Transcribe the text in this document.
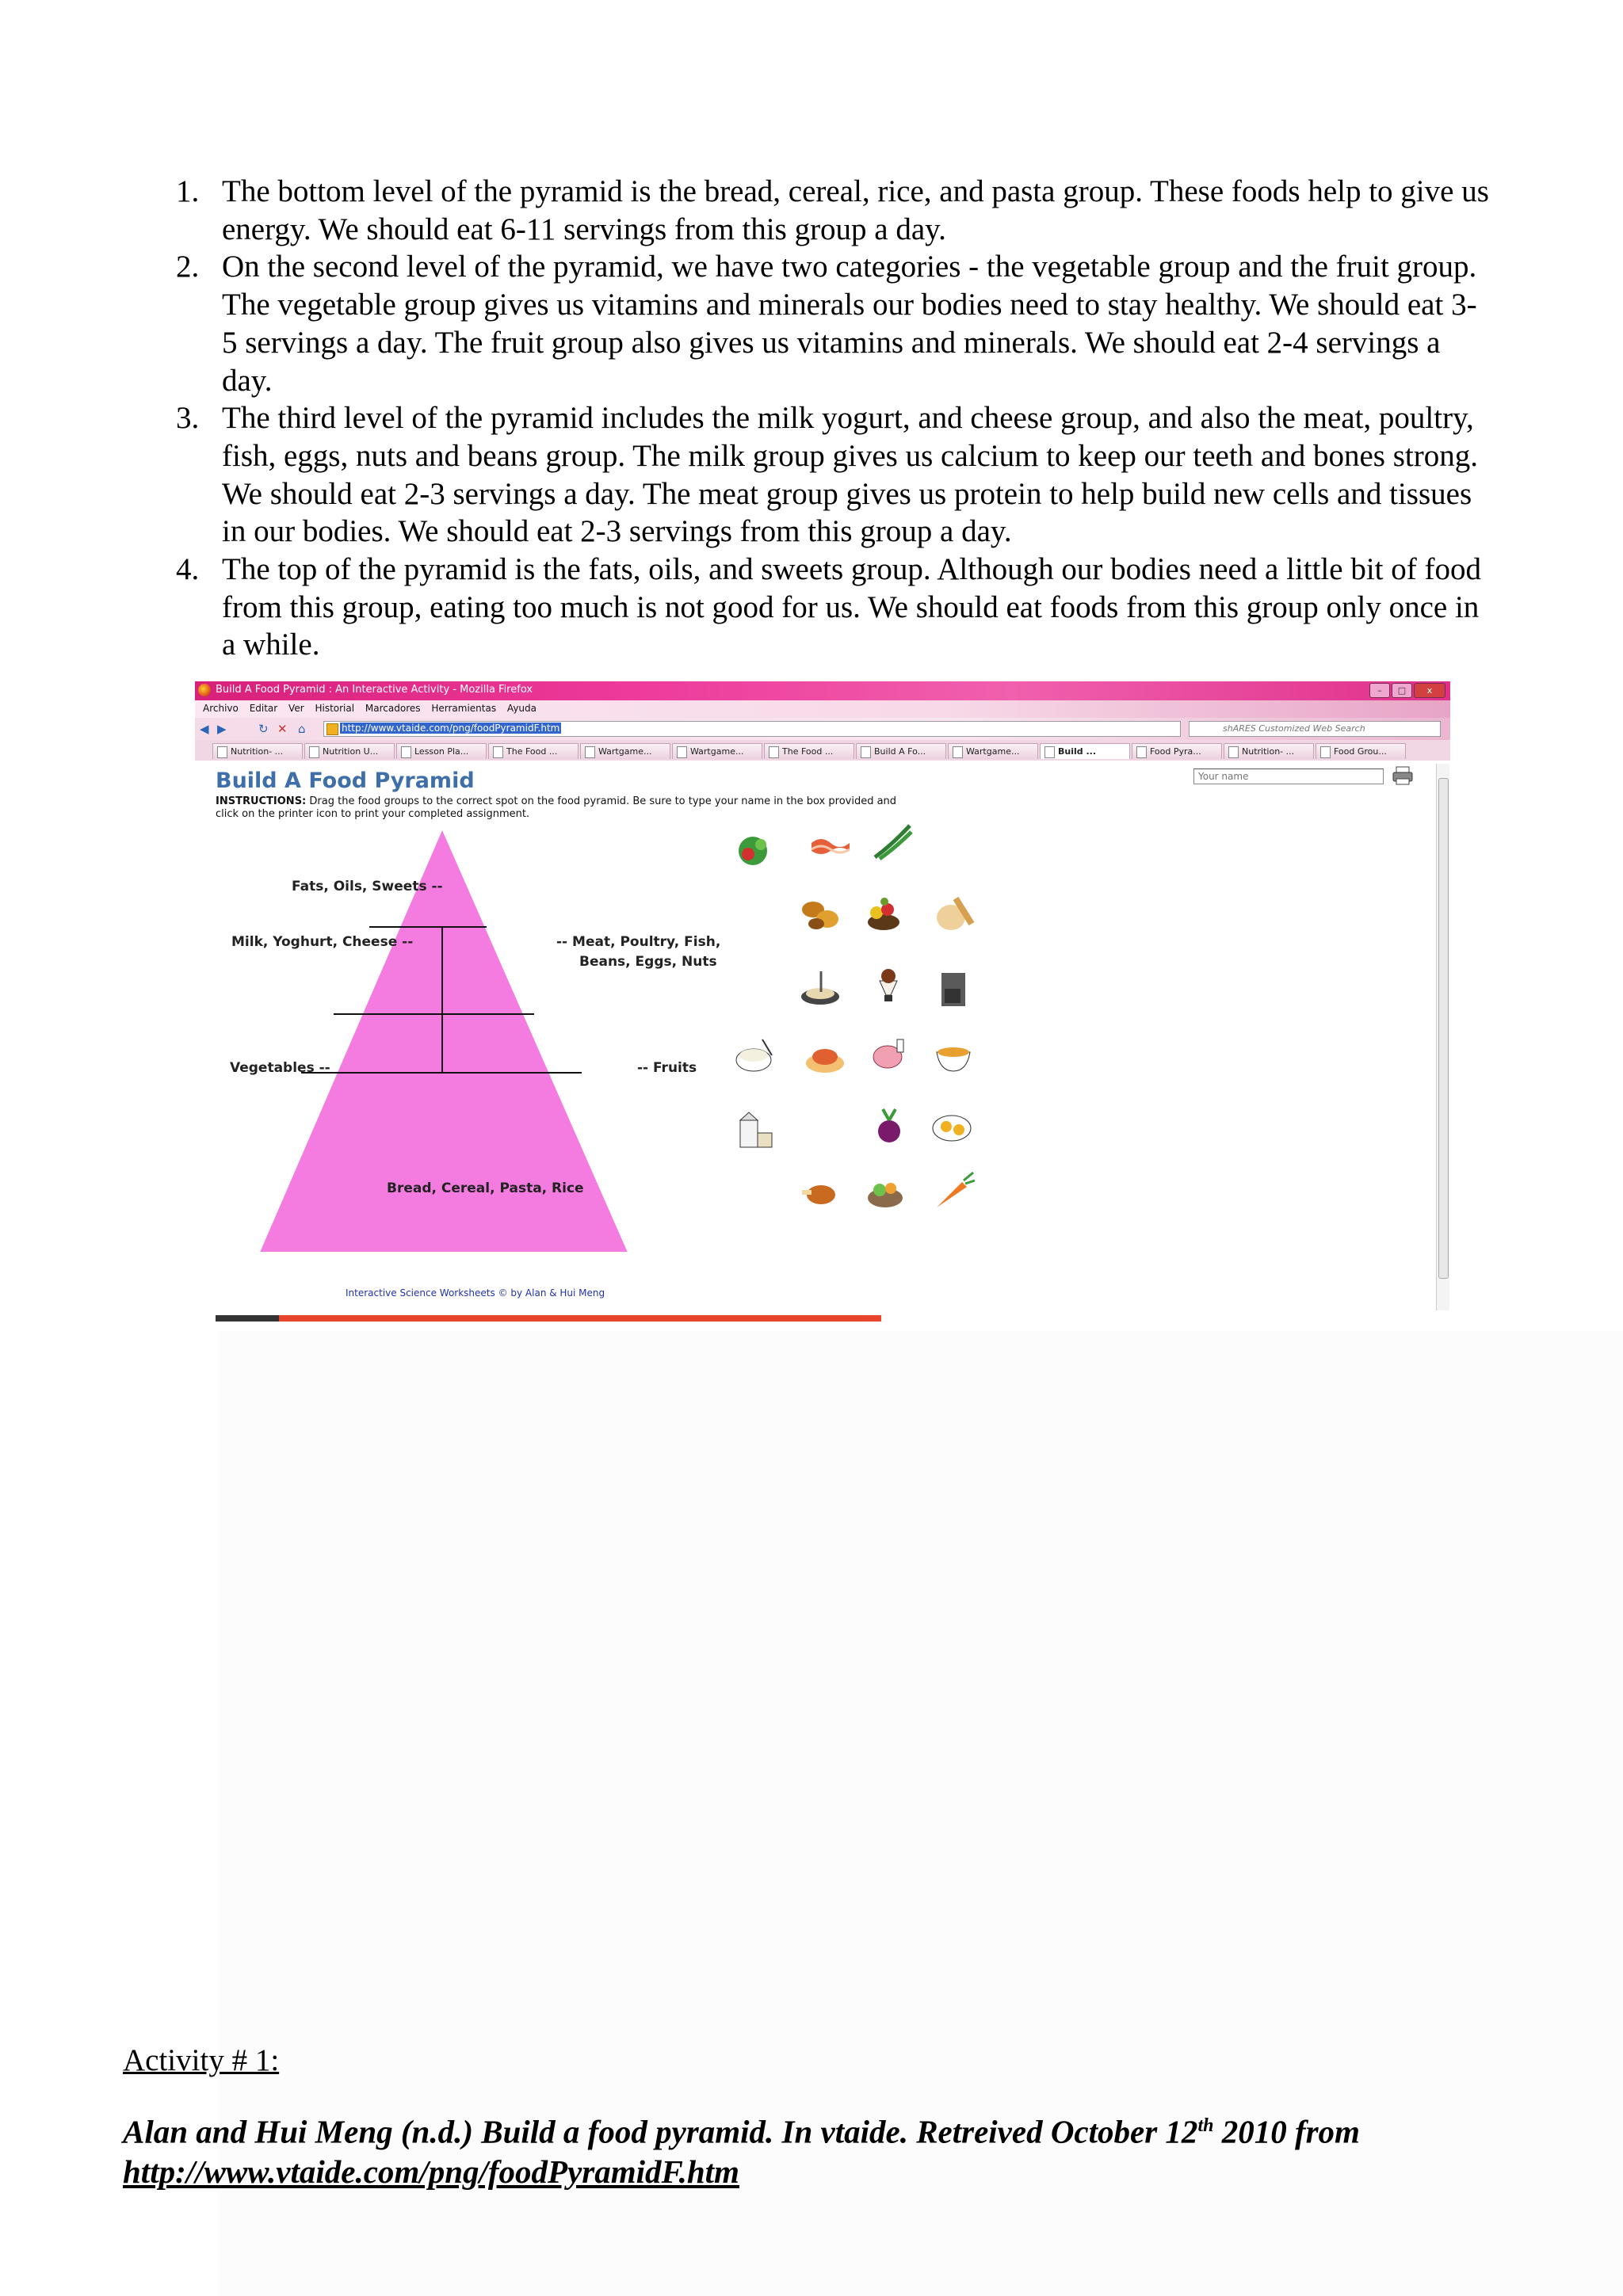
1. The bottom level of the pyramid is the bread, cereal, rice, and pasta group. These foods help to give us energy. We should eat 6-11 servings from this group a day.
2. On the second level of the pyramid, we have two categories - the vegetable group and the fruit group. The vegetable group gives us vitamins and minerals our bodies need to stay healthy. We should eat 3-5 servings a day. The fruit group also gives us vitamins and minerals. We should eat 2-4 servings a day.
3. The third level of the pyramid includes the milk yogurt, and cheese group, and also the meat, poultry, fish, eggs, nuts and beans group. The milk group gives us calcium to keep our teeth and bones strong. We should eat 2-3 servings a day. The meat group gives us protein to help build new cells and tissues in our bodies. We should eat 2-3 servings from this group a day.
4. The top of the pyramid is the fats, oils, and sweets group. Although our bodies need a little bit of food from this group, eating too much is not good for us. We should eat foods from this group only once in a while.
Build A Food Pyramid : An Interactive Activity - Mozilla Firefox	–	□	x
Archivo Editar Ver Historial Marcadores Herramientas Ayuda
◀ ▶	↻ ✕ ⌂	http://www.vtaide.com/png/foodPyramidF.htm	shARES Customized Web Search
Nutrition- ...	Nutrition U...	Lesson Pla...	The Food ...	Wartgame...	Wartgame...	The Food ...	Build A Fo...	Wartgame...	Build ...	Food Pyra...	Nutrition- ...	Food Grou...
Build A Food Pyramid
INSTRUCTIONS: Drag the food groups to the correct spot on the food pyramid. Be sure to type your name in the box provided and click on the printer icon to print your completed assignment.
Your name
Fats, Oils, Sweets --
Milk, Yoghurt, Cheese --	-- Meat, Poultry, Fish,
Beans, Eggs, Nuts
Vegetables --	-- Fruits
Bread, Cereal, Pasta, Rice
Interactive Science Worksheets © by Alan & Hui Meng
Activity # 1:
Alan and Hui Meng (n.d.) Build a food pyramid. In vtaide. Retreived October 12th 2010 from
http://www.vtaide.com/png/foodPyramidF.htm
